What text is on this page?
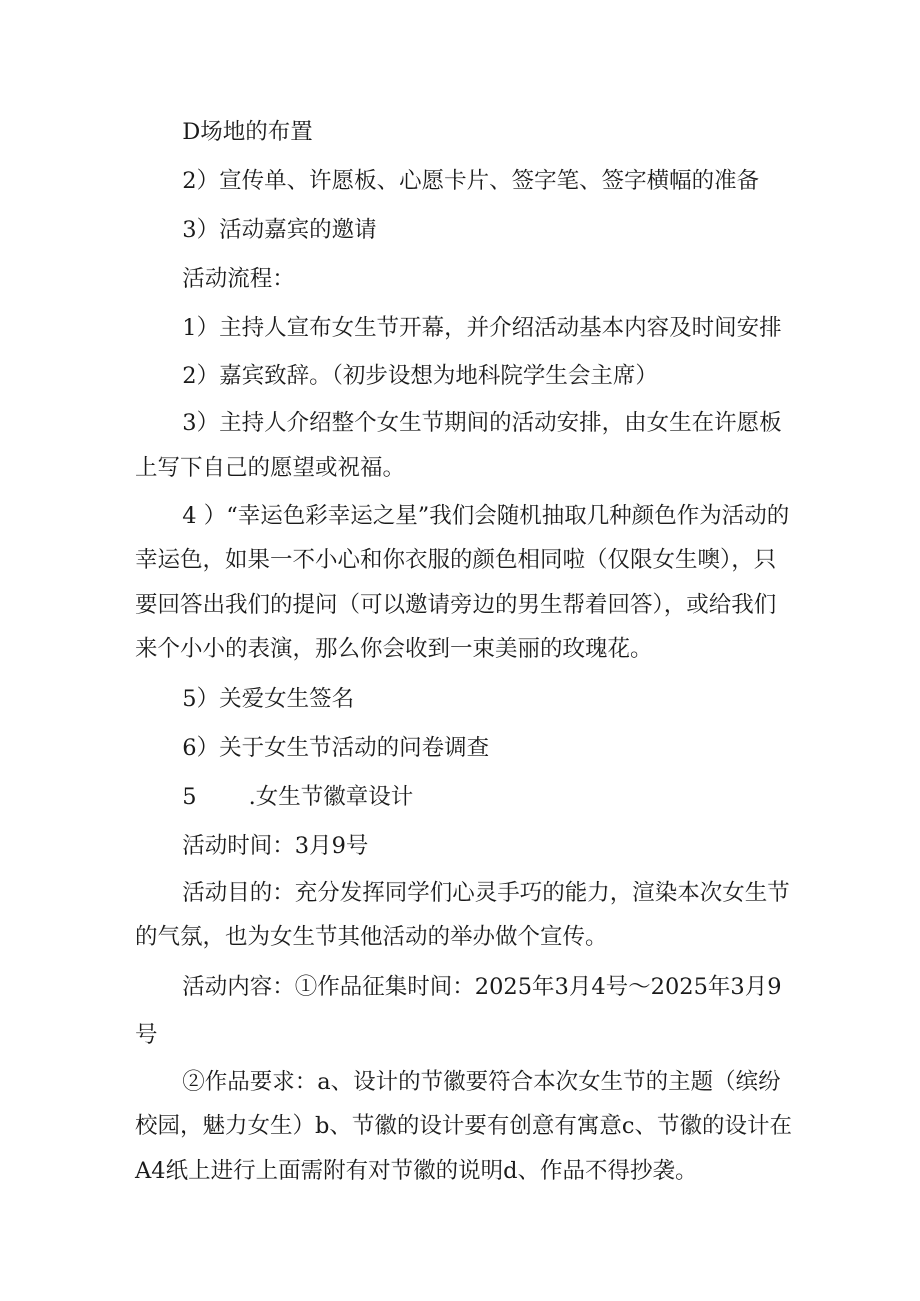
D场地的布置

2）宣传单、许愿板、心愿卡片、签字笔、签字横幅的准备

3）活动嘉宾的邀请

活动流程：

1）主持人宣布女生节开幕，并介绍活动基本内容及时间安排

2）嘉宾致辞。（初步设想为地科院学生会主席）

3）主持人介绍整个女生节期间的活动安排，由女生在许愿板上写下自己的愿望或祝福。

4 ）“幸运色彩幸运之星”我们会随机抽取几种颜色作为活动的幸运色，如果一不小心和你衣服的颜色相同啦（仅限女生噢），只要回答出我们的提问（可以邀请旁边的男生帮着回答），或给我们来个小小的表演，那么你会收到一束美丽的玫瑰花。

5）关爱女生签名

6）关于女生节活动的问卷调查

5 .女生节徽章设计

活动时间：3月9号

活动目的：充分发挥同学们心灵手巧的能力，渲染本次女生节的气氛，也为女生节其他活动的举办做个宣传。

活动内容：①作品征集时间：2025年3月4号～2025年3月9号

②作品要求：a、设计的节徽要符合本次女生节的主题（缤纷校园，魅力女生）b、节徽的设计要有创意有寓意c、节徽的设计在A4纸上进行上面需附有对节徽的说明d、作品不得抄袭。
